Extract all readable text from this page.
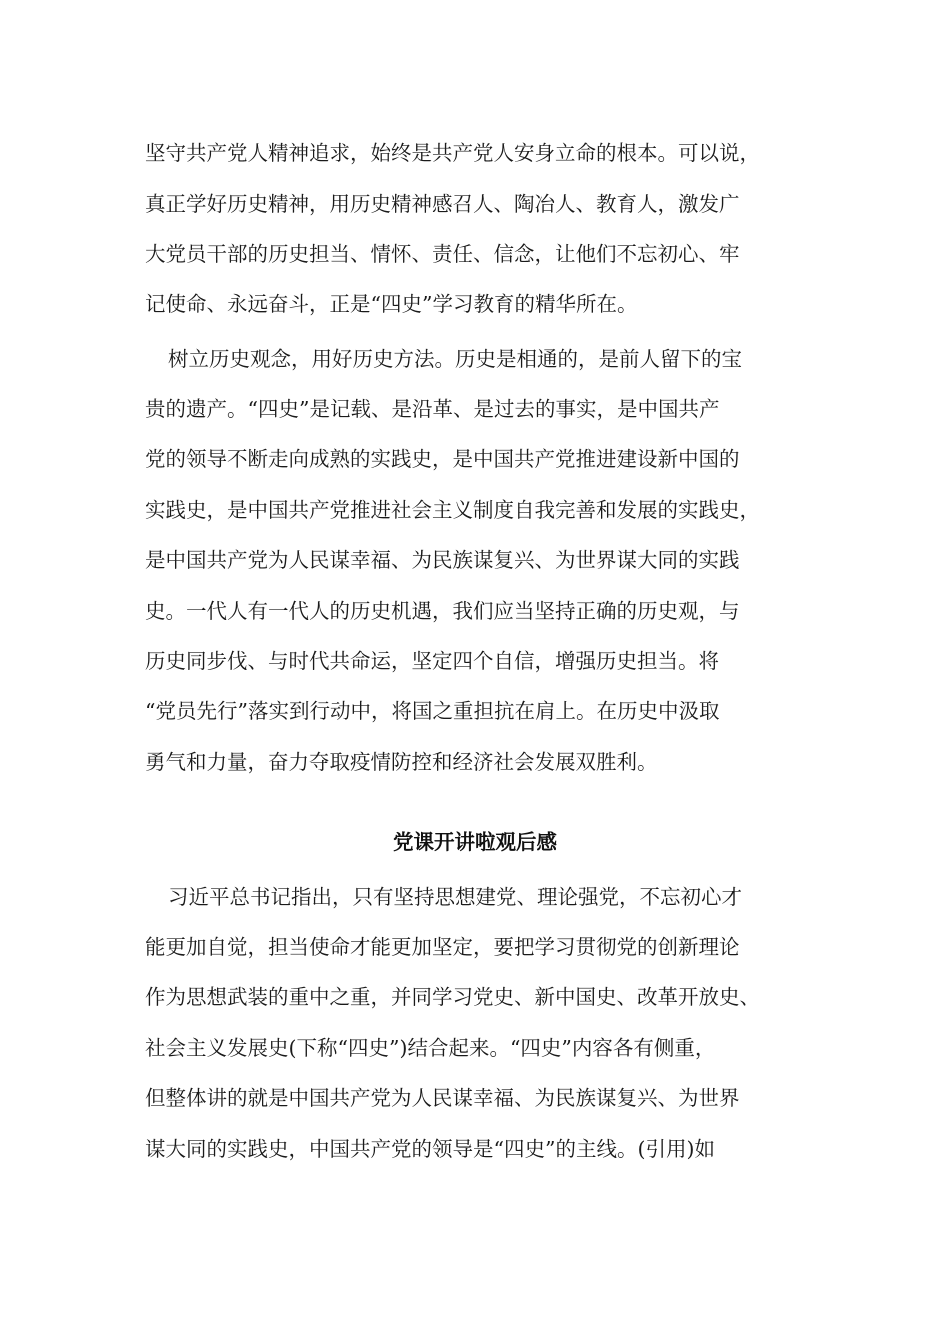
坚守共产党人精神追求，始终是共产党人安身立命的根本。可以说，
真正学好历史精神，用历史精神感召人、陶冶人、教育人，激发广
大党员干部的历史担当、情怀、责任、信念，让他们不忘初心、牢
记使命、永远奋斗，正是“四史”学习教育的精华所在。
树立历史观念，用好历史方法。历史是相通的，是前人留下的宝
贵的遗产。“四史”是记载、是沿革、是过去的事实，是中国共产
党的领导不断走向成熟的实践史，是中国共产党推进建设新中国的
实践史，是中国共产党推进社会主义制度自我完善和发展的实践史，
是中国共产党为人民谋幸福、为民族谋复兴、为世界谋大同的实践
史。一代人有一代人的历史机遇，我们应当坚持正确的历史观，与
历史同步伐、与时代共命运，坚定四个自信，增强历史担当。将
“党员先行”落实到行动中，将国之重担抗在肩上。在历史中汲取
勇气和力量，奋力夺取疫情防控和经济社会发展双胜利。
党课开讲啦观后感
习近平总书记指出，只有坚持思想建党、理论强党，不忘初心才
能更加自觉，担当使命才能更加坚定，要把学习贯彻党的创新理论
作为思想武装的重中之重，并同学习党史、新中国史、改革开放史、
社会主义发展史(下称“四史”)结合起来。“四史”内容各有侧重，
但整体讲的就是中国共产党为人民谋幸福、为民族谋复兴、为世界
谋大同的实践史，中国共产党的领导是“四史”的主线。(引用)如
